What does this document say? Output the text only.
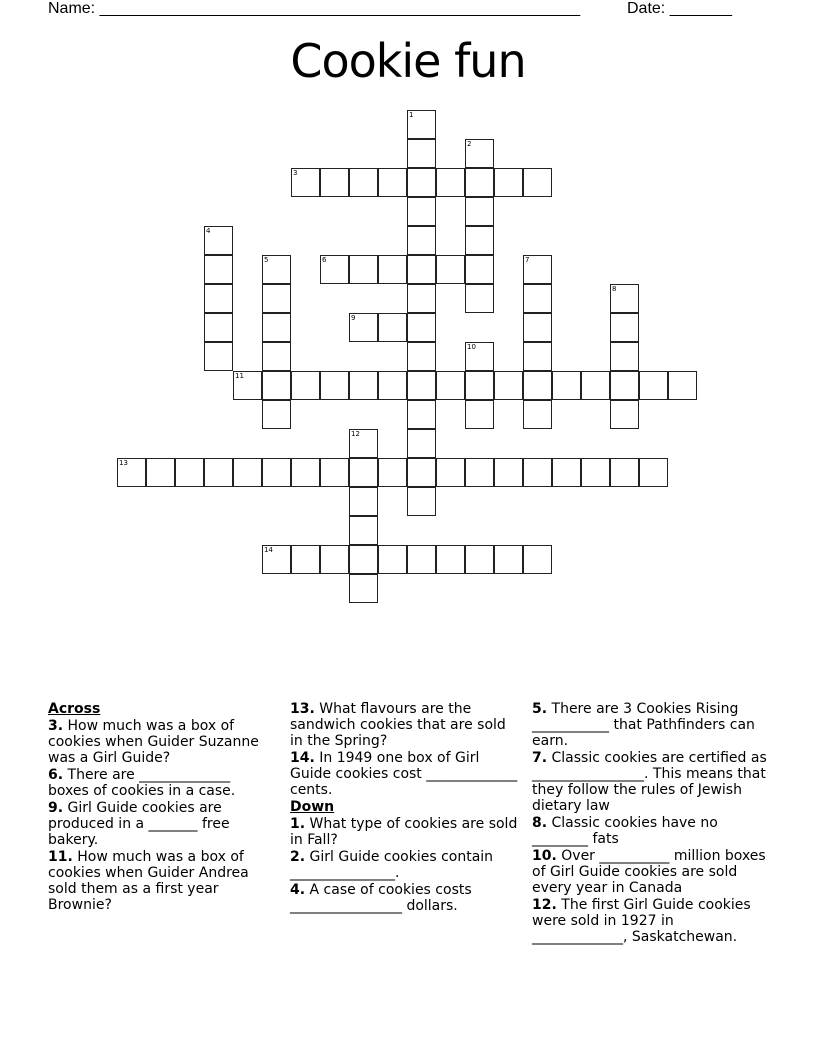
Name: ______________________________________________________	Date: _______
Cookie fun
1
2
3
4
5	6	7
8
9
10
11
12
13
14
Across
3. How much was a box of cookies when Guider Suzanne was a Girl Guide?
6. There are _____________ boxes of cookies in a case.
9. Girl Guide cookies are produced in a _______ free bakery.
11. How much was a box of cookies when Guider Andrea sold them as a first year Brownie?
13. What flavours are the sandwich cookies that are sold in the Spring?
14. In 1949 one box of Girl Guide cookies cost _____________ cents.
Down
1. What type of cookies are sold in Fall?
2. Girl Guide cookies contain _______________.
4. A case of cookies costs ________________ dollars.
5. There are 3 Cookies Rising ___________ that Pathfinders can earn.
7. Classic cookies are certified as ________________. This means that they follow the rules of Jewish dietary law
8. Classic cookies have no ________ fats
10. Over __________ million boxes of Girl Guide cookies are sold every year in Canada
12. The first Girl Guide cookies were sold in 1927 in _____________, Saskatchewan.
